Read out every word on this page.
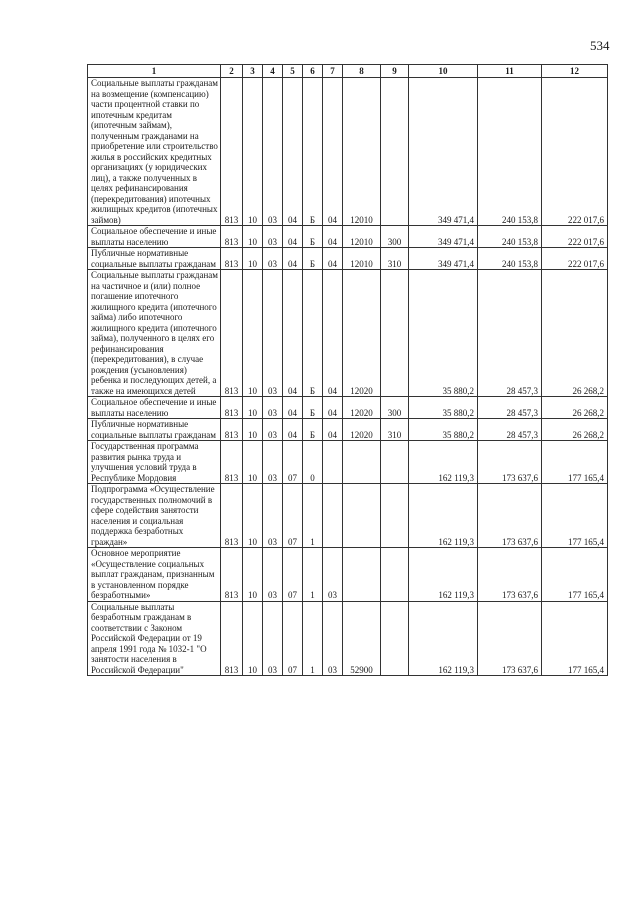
534
1	2	3	4	5	6	7	8	9	10	11	12
Социальные выплаты гражданам на возмещение (компенсацию) части процентной ставки по ипотечным кредитам (ипотечным займам), полученным гражданами на приобретение или строительство жилья в российских кредитных организациях (у юридических лиц), а также полученных в целях рефинансирования (перекредитования) ипотечных жилищных кредитов (ипотечных займов)	813	10	03	04	Б	04	12010		349 471,4	240 153,8	222 017,6
Социальное обеспечение и иные выплаты населению	813	10	03	04	Б	04	12010	300	349 471,4	240 153,8	222 017,6
Публичные нормативные социальные выплаты гражданам	813	10	03	04	Б	04	12010	310	349 471,4	240 153,8	222 017,6
Социальные выплаты гражданам на частичное и (или) полное погашение ипотечного жилищного кредита (ипотечного займа) либо ипотечного жилищного кредита (ипотечного займа), полученного в целях его рефинансирования (перекредитования), в случае рождения (усыновления) ребенка и последующих детей, а также на имеющихся детей	813	10	03	04	Б	04	12020		35 880,2	28 457,3	26 268,2
Социальное обеспечение и иные выплаты населению	813	10	03	04	Б	04	12020	300	35 880,2	28 457,3	26 268,2
Публичные нормативные социальные выплаты гражданам	813	10	03	04	Б	04	12020	310	35 880,2	28 457,3	26 268,2
Государственная программа развития рынка труда и улучшения условий труда в Республике Мордовия	813	10	03	07	0				162 119,3	173 637,6	177 165,4
Подпрограмма «Осуществление государственных полномочий в сфере содействия занятости населения и социальная поддержка безработных граждан»	813	10	03	07	1				162 119,3	173 637,6	177 165,4
Основное мероприятие «Осуществление социальных выплат гражданам, признанным в установленном порядке безработными»	813	10	03	07	1	03			162 119,3	173 637,6	177 165,4
Социальные выплаты безработным гражданам в соответствии с Законом Российской Федерации от 19 апреля 1991 года № 1032-1 "О занятости населения в Российской Федерации"	813	10	03	07	1	03	52900		162 119,3	173 637,6	177 165,4
